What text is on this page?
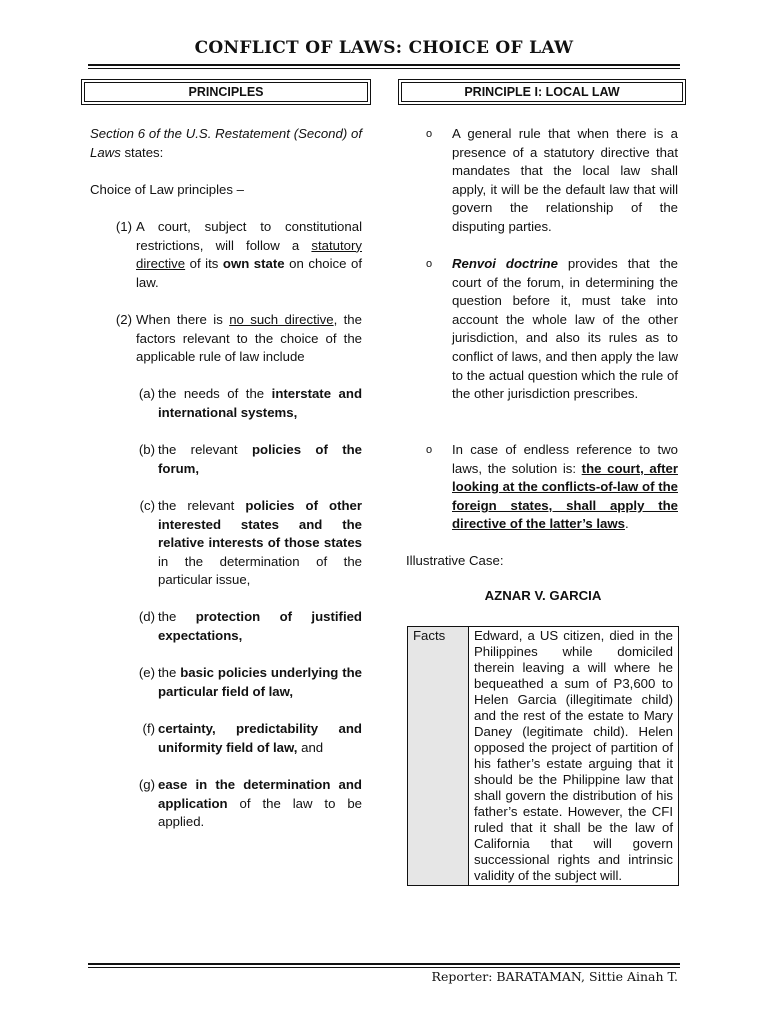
CONFLICT OF LAWS: CHOICE OF LAW
PRINCIPLES	PRINCIPLE I: LOCAL LAW

Section 6 of the U.S. Restatement (Second) of Laws states:

Choice of Law principles –

(1) A court, subject to constitutional restrictions, will follow a statutory directive of its own state on choice of law.
(2) When there is no such directive, the factors relevant to the choice of the applicable rule of law include
(a) the needs of the interstate and international systems,
(b) the relevant policies of the forum,
(c) the relevant policies of other interested states and the relative interests of those states in the determination of the particular issue,
(d) the protection of justified expectations,
(e) the basic policies underlying the particular field of law,
(f) certainty, predictability and uniformity field of law, and
(g) ease in the determination and application of the law to be applied.
o	A general rule that when there is a presence of a statutory directive that mandates that the local law shall apply, it will be the default law that will govern the relationship of the disputing parties.
o	Renvoi doctrine provides that the court of the forum, in determining the question before it, must take into account the whole law of the other jurisdiction, and also its rules as to conflict of laws, and then apply the law to the actual question which the rule of the other jurisdiction prescribes.
o	In case of endless reference to two laws, the solution is: the court, after looking at the conflicts-of-law of the foreign states, shall apply the directive of the latter’s laws.

Illustrative Case:

AZNAR V. GARCIA
Facts	Edward, a US citizen, died in the Philippines while domiciled therein leaving a will where he bequeathed a sum of P3,600 to Helen Garcia (illegitimate child) and the rest of the estate to Mary Daney (legitimate child). Helen opposed the project of partition of his father’s estate arguing that it should be the Philippine law that shall govern the distribution of his father’s estate. However, the CFI ruled that it shall be the law of California that will govern successional rights and intrinsic validity of the subject will.
Reporter: BARATAMAN, Sittie Ainah T.
